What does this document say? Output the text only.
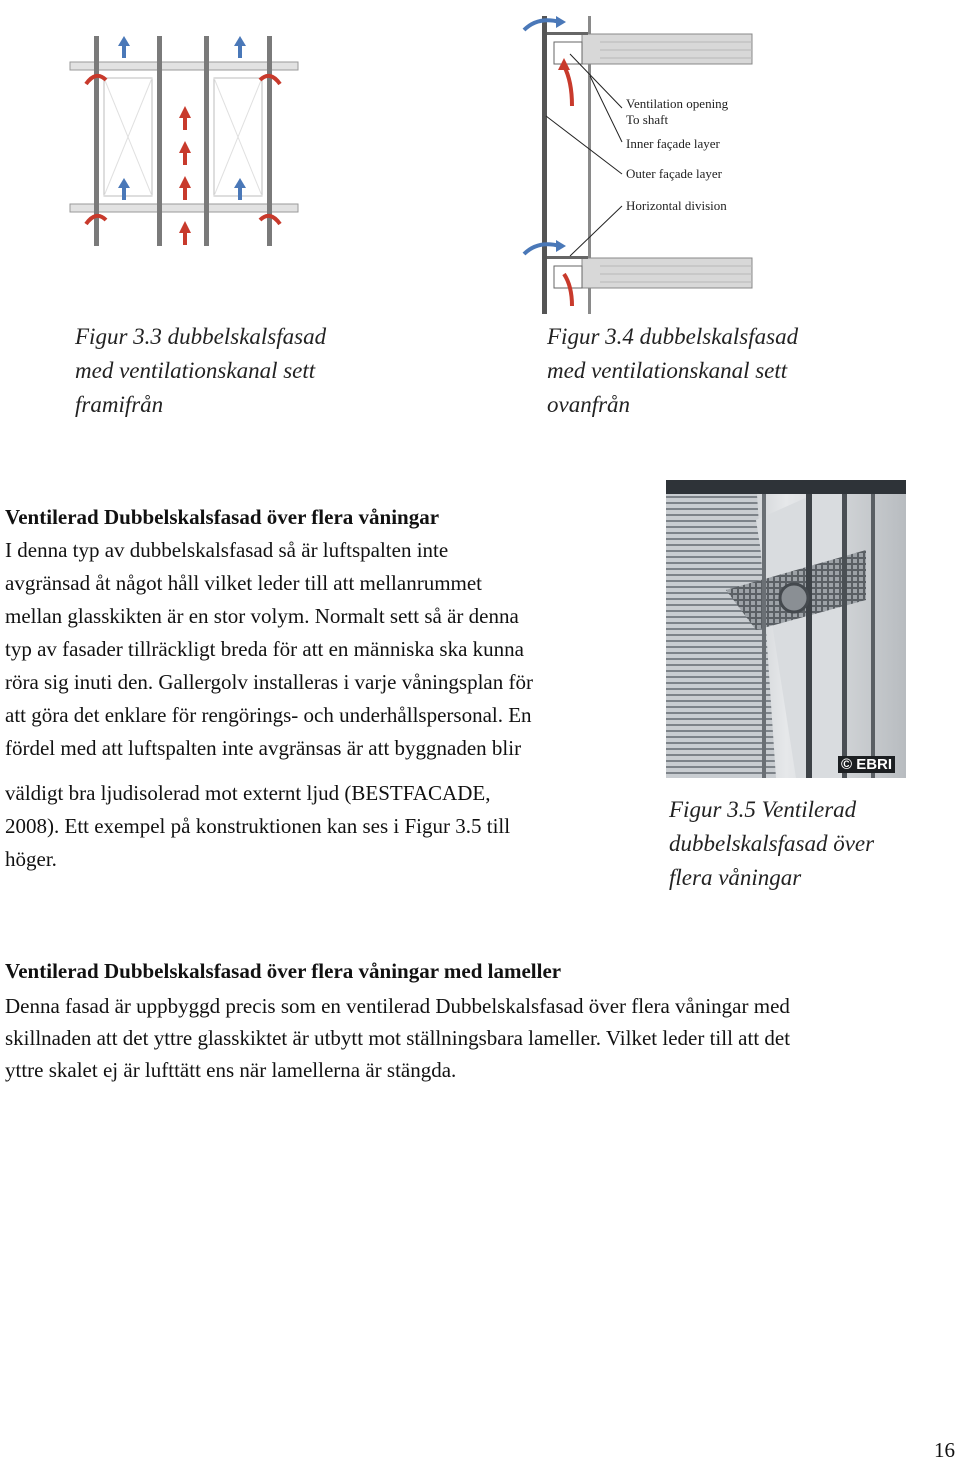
Ventilation opening
To shaft
Inner façade layer
Outer façade layer
Horizontal division
Figur 3.3 dubbelskalsfasad
med ventilationskanal sett
framifrån
Figur 3.4 dubbelskalsfasad
med ventilationskanal sett
ovanfrån
Ventilerad Dubbelskalsfasad över flera våningar
I denna typ av dubbelskalsfasad så är luftspalten inte
avgränsad åt något håll vilket leder till att mellanrummet
mellan glasskikten är en stor volym. Normalt sett så är denna
typ av fasader tillräckligt breda för att en människa ska kunna
röra sig inuti den. Gallergolv installeras i varje våningsplan för
att göra det enklare för rengörings- och underhållspersonal. En
fördel med att luftspalten inte avgränsas är att byggnaden blir
väldigt bra ljudisolerad mot externt ljud (BESTFACADE,
2008). Ett exempel på konstruktionen kan ses i Figur 3.5 till
höger.
© EBRI
Figur 3.5 Ventilerad
dubbelskalsfasad över
flera våningar
Ventilerad Dubbelskalsfasad över flera våningar med lameller
Denna fasad är uppbyggd precis som en ventilerad Dubbelskalsfasad över flera våningar med
skillnaden att det yttre glasskiktet är utbytt mot ställningsbara lameller. Vilket leder till att det
yttre skalet ej är lufttätt ens när lamellerna är stängda.
16
